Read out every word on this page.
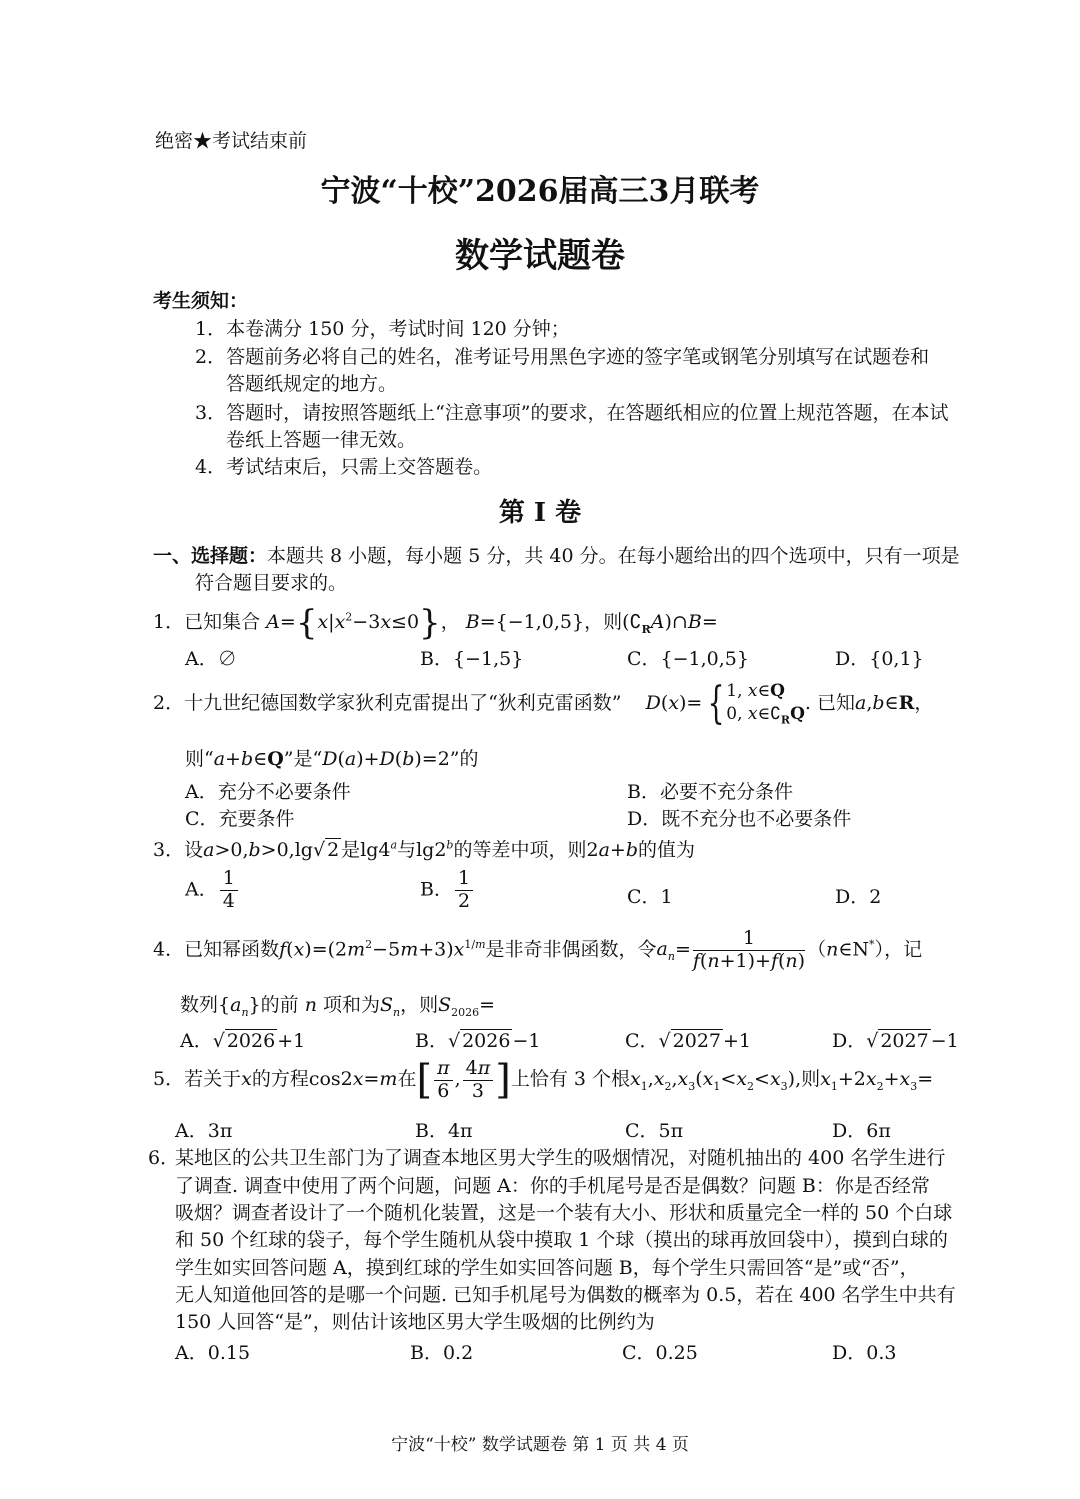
绝密★考试结束前
宁波“十校”2026届高三3月联考
数学试题卷
考生须知：
1．本卷满分 150 分，考试时间 120 分钟；
2．答题前务必将自己的姓名，准考证号用黑色字迹的签字笔或钢笔分别填写在试题卷和
答题纸规定的地方。
3．答题时，请按照答题纸上“注意事项”的要求，在答题纸相应的位置上规范答题，在本试
卷纸上答题一律无效。
4．考试结束后，只需上交答题卷。
第 I 卷
一、选择题：本题共 8 小题，每小题 5 分，共 40 分。在每小题给出的四个选项中，只有一项是
符合题目要求的。
1．已知集合 $A=\{x|x^2-3x\le 0\}$， B={−1,0,5}，则$(∁_RA)\cap B=$
A．∅	B．{−1,5}	C．{−1,0,5}	D．{0,1}
2．十九世纪德国数学家狄利克雷提出了“狄利克雷函数” D(x)= { 1, x∈Q
0, $x\in∁_RQ$ . 已知a,b∈R，
则“a+b∈Q”是“D(a)+D(b)=2”的
A．充分不必要条件	B．必要不充分条件
C．充要条件	D．既不充分也不必要条件
3．设a>0,b>0,lg√ 2 是lg4$^a$与lg2$^b$的等差中项，则2a+b的值为
A． $\frac{1}{4}$	B． $\frac{1}{2}$	C．1	D．2
4．已知幂函数$f(x)=(2m^2-5m+3)x^{1/m}$是非奇非偶函数，令$a_n= \frac{1}{f(n+1)+f(n)}$ （n∈N*），记
数列$\{a_n\}$的前 n 项和为$S_n$，则$S_{2026}=$
A．√ 2026 +1	B．√ 2026 −1	C．√ 2027 +1	D．√ 2027 −1
5．若关于x的方程cos2x=m在[ $\frac{\pi}{6}$ , $\frac{4\pi}{3}$ ]上恰有 3 个根$x_1,x_2,x_3(x_1<x_2<x_3)$,则$x_1+2x_2+x_3=$
A．3π	B．4π	C．5π	D．6π
6．
某地区的公共卫生部门为了调查本地区男大学生的吸烟情况，对随机抽出的 400 名学生进行
了调查. 调查中使用了两个问题，问题 A：你的手机尾号是否是偶数？问题 B：你是否经常
吸烟？调查者设计了一个随机化装置，这是一个装有大小、形状和质量完全一样的 50 个白球
和 50 个红球的袋子，每个学生随机从袋中摸取 1 个球（摸出的球再放回袋中），摸到白球的
学生如实回答问题 A，摸到红球的学生如实回答问题 B，每个学生只需回答“是”或“否”，
无人知道他回答的是哪一个问题. 已知手机尾号为偶数的概率为 0.5，若在 400 名学生中共有
150 人回答“是”，则估计该地区男大学生吸烟的比例约为
A．0.15	B．0.2	C．0.25	D．0.3
宁波“十校” 数学试题卷 第 1 页 共 4 页
